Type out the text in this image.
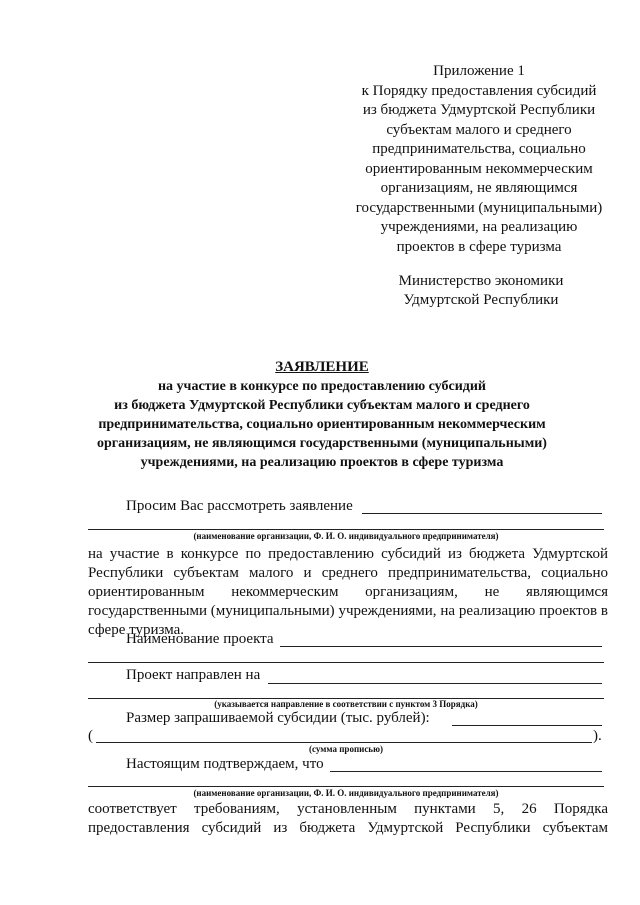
Приложение 1
к Порядку предоставления субсидий
из бюджета Удмуртской Республики
субъектам малого и среднего
предпринимательства, социально
ориентированным некоммерческим
организациям, не являющимся
государственными (муниципальными)
учреждениями, на реализацию
проектов в сфере туризма
Министерство экономики
Удмуртской Республики
ЗАЯВЛЕНИЕ
на участие в конкурсе по предоставлению субсидий
из бюджета Удмуртской Республики субъектам малого и среднего
предпринимательства, социально ориентированным некоммерческим
организациям, не являющимся государственными (муниципальными)
учреждениями, на реализацию проектов в сфере туризма
Просим Вас рассмотреть заявление
(наименование организации, Ф. И. О. индивидуального предпринимателя)
на участие в конкурсе по предоставлению субсидий из бюджета Удмуртской Республики субъектам малого и среднего предпринимательства, социально ориентированным некоммерческим организациям, не являющимся государственными (муниципальными) учреждениями, на реализацию проектов в сфере туризма.
Наименование проекта
Проект направлен на
(указывается направление в соответствии с пунктом 3 Порядка)
Размер запрашиваемой субсидии (тыс. рублей):
(	).
(сумма прописью)
Настоящим подтверждаем, что
(наименование организации, Ф. И. О. индивидуального предпринимателя)
соответствует требованиям, установленным пунктами 5, 26 Порядка
предоставления субсидий из бюджета Удмуртской Республики субъектам
